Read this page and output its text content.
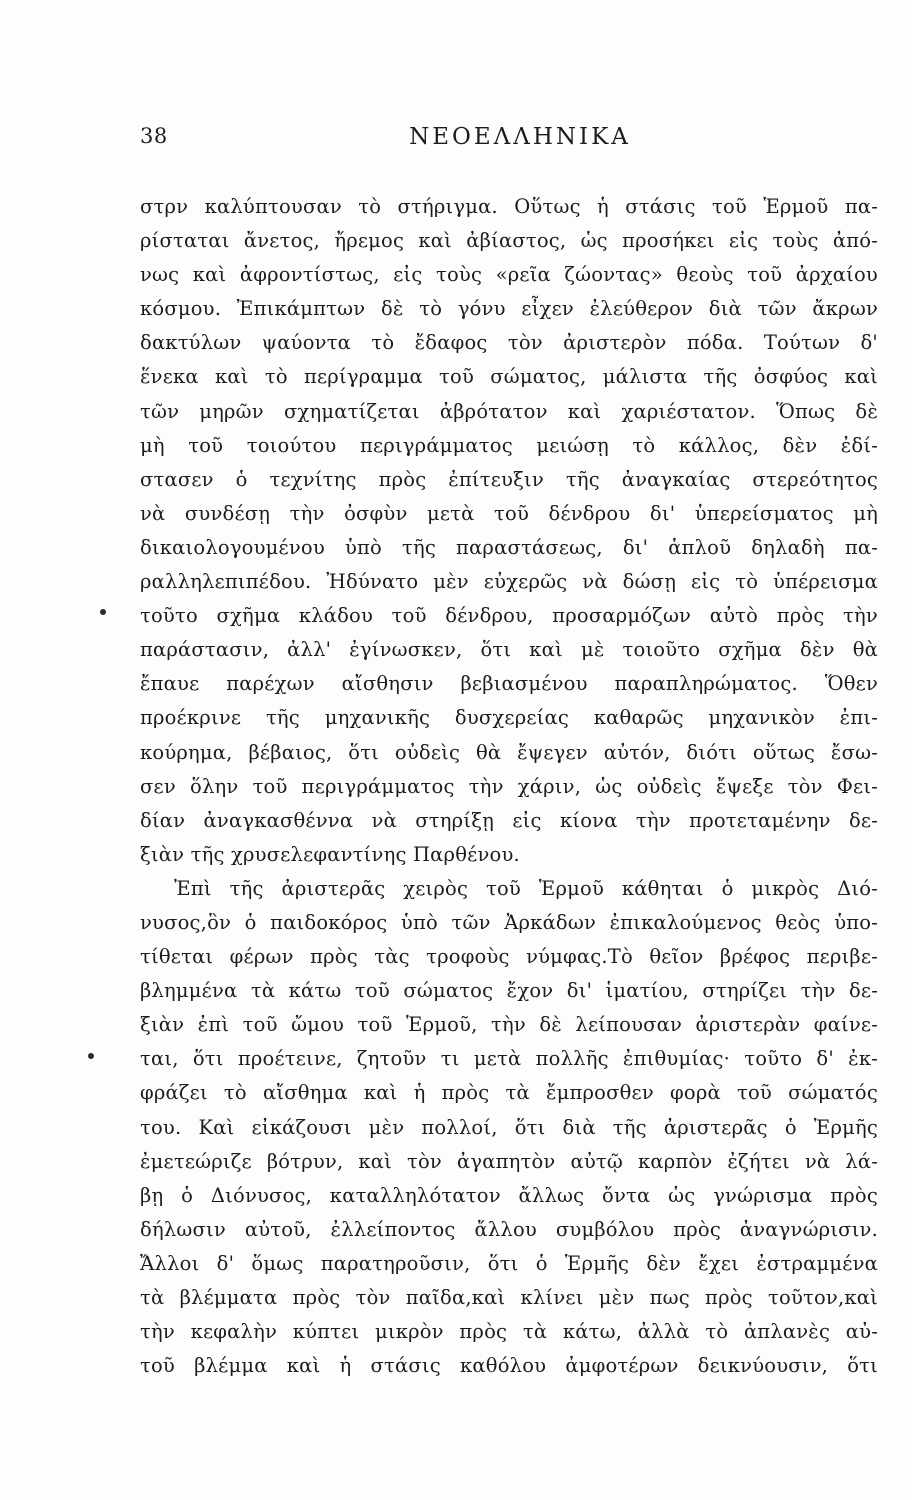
38	ΝΕΟΕΛΛΗΝΙΚΑ
στρν καλύπτουσαν τὸ στήριγμα. Οὕτως ἡ στάσις τοῦ Ἑρμοῦ πα-
ρίσταται ἄνετος, ἤρεμος καὶ ἀβίαστος, ὡς προσήκει εἰς τοὺς ἀπό-
νως καὶ ἀφροντίστως, εἰς τοὺς «ρεῖα ζώοντας» θεοὺς τοῦ ἀρχαίου
κόσμου. Ἐπικάμπτων δὲ τὸ γόνυ εἶχεν ἐλεύθερον διὰ τῶν ἄκρων
δακτύλων ψαύοντα τὸ ἔδαφος τὸν ἀριστερὸν πόδα. Τούτων δ'
ἕνεκα καὶ τὸ περίγραμμα τοῦ σώματος, μάλιστα τῆς ὀσφύος καὶ
τῶν μηρῶν σχηματίζεται ἀβρότατον καὶ χαριέστατον. Ὅπως δὲ
μὴ τοῦ τοιούτου περιγράμματος μειώσῃ τὸ κάλλος, δὲν ἐδί-
στασεν ὁ τεχνίτης πρὸς ἐπίτευξιν τῆς ἀναγκαίας στερεότητος
νὰ συνδέσῃ τὴν ὀσφὺν μετὰ τοῦ δένδρου δι' ὑπερείσματος μὴ
δικαιολογουμένου ὑπὸ τῆς παραστάσεως, δι' ἁπλοῦ δηλαδὴ πα-
ραλληλεπιπέδου. Ἠδύνατο μὲν εὐχερῶς νὰ δώσῃ εἰς τὸ ὑπέρεισμα
τοῦτο σχῆμα κλάδου τοῦ δένδρου, προσαρμόζων αὐτὸ πρὸς τὴν
παράστασιν, ἀλλ' ἐγίνωσκεν, ὅτι καὶ μὲ τοιοῦτο σχῆμα δὲν θὰ
ἔπαυε παρέχων αἴσθησιν βεβιασμένου παραπληρώματος. Ὅθεν
προέκρινε τῆς μηχανικῆς δυσχερείας καθαρῶς μηχανικὸν ἐπι-
κούρημα, βέβαιος, ὅτι οὐδεὶς θὰ ἔψεγεν αὐτόν, διότι οὕτως ἔσω-
σεν ὅλην τοῦ περιγράμματος τὴν χάριν, ὡς οὐδεὶς ἔψεξε τὸν Φει-
δίαν ἀναγκασθέννα νὰ στηρίξῃ εἰς κίονα τὴν προτεταμένην δε-
ξιὰν τῆς χρυσελεφαντίνης Παρθένου.
Ἐπὶ τῆς ἀριστερᾶς χειρὸς τοῦ Ἑρμοῦ κάθηται ὁ μικρὸς Διό-
νυσος,ὃν ὁ παιδοκόρος ὑπὸ τῶν Ἀρκάδων ἐπικαλούμενος θεὸς ὑπο-
τίθεται φέρων πρὸς τὰς τροφοὺς νύμφας.Τὸ θεῖον βρέφος περιβε-
βλημμένα τὰ κάτω τοῦ σώματος ἔχον δι' ἱματίου, στηρίζει τὴν δε-
ξιὰν ἐπὶ τοῦ ὤμου τοῦ Ἑρμοῦ, τὴν δὲ λείπουσαν ἀριστερὰν φαίνε-
ται, ὅτι προέτεινε, ζητοῦν τι μετὰ πολλῆς ἐπιθυμίας· τοῦτο δ' ἐκ-
φράζει τὸ αἴσθημα καὶ ἡ πρὸς τὰ ἔμπροσθεν φορὰ τοῦ σώματός
του. Καὶ εἰκάζουσι μὲν πολλοί, ὅτι διὰ τῆς ἀριστερᾶς ὁ Ἑρμῆς
ἐμετεώριζε βότρυν, καὶ τὸν ἀγαπητὸν αὐτῷ καρπὸν ἐζήτει νὰ λά-
βῃ ὁ Διόνυσος, καταλληλότατον ἄλλως ὄντα ὡς γνώρισμα πρὸς
δήλωσιν αὐτοῦ, ἐλλείποντος ἄλλου συμβόλου πρὸς ἀναγνώρισιν.
Ἄλλοι δ' ὅμως παρατηροῦσιν, ὅτι ὁ Ἑρμῆς δὲν ἔχει ἐστραμμένα
τὰ βλέμματα πρὸς τὸν παῖδα,καὶ κλίνει μὲν πως πρὸς τοῦτον,καὶ
τὴν κεφαλὴν κύπτει μικρὸν πρὸς τὰ κάτω, ἀλλὰ τὸ ἀπλανὲς αὐ-
τοῦ βλέμμα καὶ ἡ στάσις καθόλου ἀμφοτέρων δεικνύουσιν, ὅτι
